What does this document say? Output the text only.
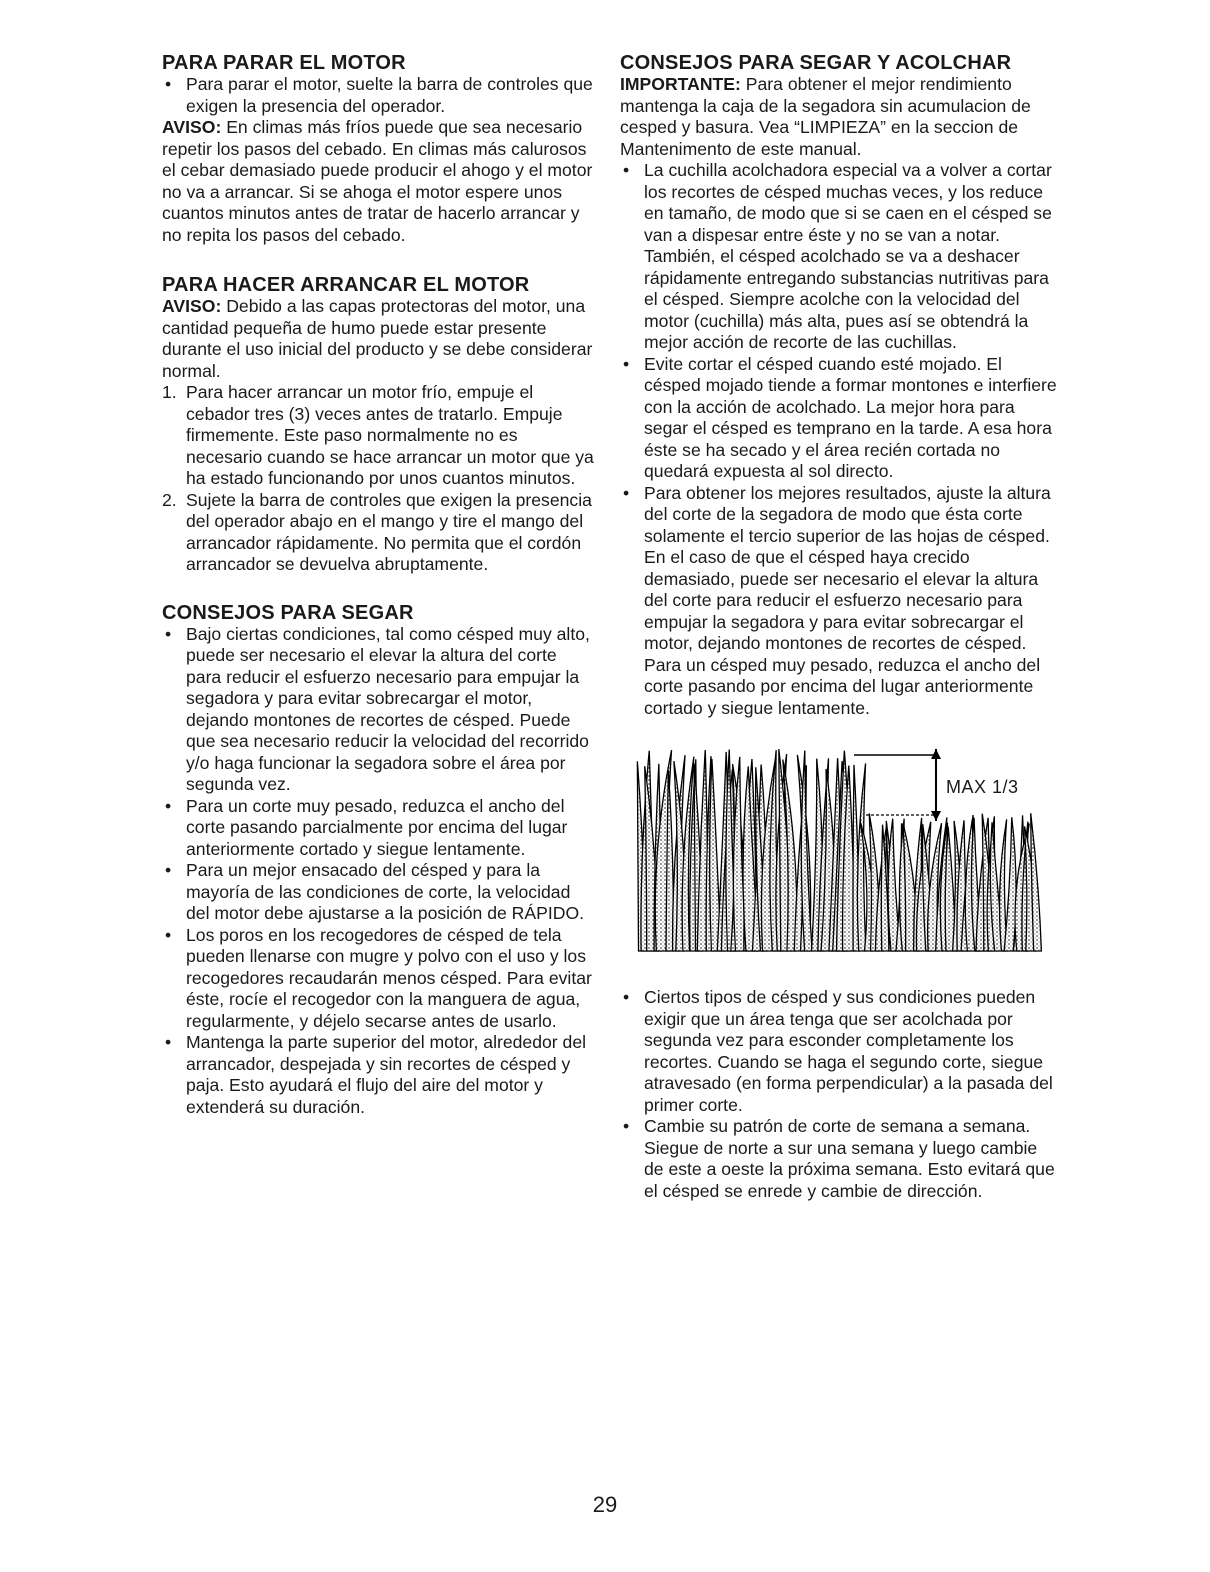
PARA PARAR EL MOTOR
• Para parar el motor, suelte la barra de controles que exigen la presencia del operador.

AVISO: En climas más fríos puede que sea necesario repetir los pasos del cebado. En climas más calurosos el cebar demasiado puede producir el ahogo y el motor no va a arrancar. Si se ahoga el motor espere unos cuantos minutos antes de tratar de hacerlo arrancar y no repita los pasos del cebado.

PARA HACER ARRANCAR EL MOTOR

AVISO: Debido a las capas protectoras del motor, una cantidad pequeña de humo puede estar presente durante el uso inicial del producto y se debe considerar normal.

1. Para hacer arrancar un motor frío, empuje el cebador tres (3) veces antes de tratarlo. Empuje firmemente. Este paso normalmente no es necesario cuando se hace arrancar un motor que ya ha estado funcionando por unos cuantos minutos.
2. Sujete la barra de controles que exigen la presencia del operador abajo en el mango y tire el mango del arrancador rápidamente. No permita que el cordón arrancador se devuelva abruptamente.
CONSEJOS PARA SEGAR
• Bajo ciertas condiciones, tal como césped muy alto, puede ser necesario el elevar la altura del corte para reducir el esfuerzo necesario para empujar la segadora y para evitar sobrecargar el motor, dejando montones de recortes de césped. Puede que sea necesario reducir la velocidad del recorrido y/o haga funcionar la segadora sobre el área por segunda vez.
• Para un corte muy pesado, reduzca el ancho del corte pasando parcialmente por encima del lugar anteriormente cortado y siegue lentamente.
• Para un mejor ensacado del césped y para la mayoría de las condiciones de corte, la velocidad del motor debe ajustarse a la posición de RÁPIDO.
• Los poros en los recogedores de césped de tela pueden llenarse con mugre y polvo con el uso y los recogedores recaudarán menos césped. Para evitar éste, rocíe el recogedor con la manguera de agua, regularmente, y déjelo secarse antes de usarlo.
• Mantenga la parte superior del motor, alrededor del arrancador, despejada y sin recortes de césped y paja. Esto ayudará el flujo del aire del motor y extenderá su duración.
CONSEJOS PARA SEGAR Y ACOLCHAR

IMPORTANTE: Para obtener el mejor rendimiento mantenga la caja de la segadora sin acumulacion de cesped y basura. Vea “LIMPIEZA” en la seccion de Mantenimento de este manual.

• La cuchilla acolchadora especial va a volver a cortar los recortes de césped muchas veces, y los reduce en tamaño, de modo que si se caen en el césped se van a dispesar entre éste y no se van a notar. También, el césped acolchado se va a deshacer rápidamente entregando substancias nutritivas para el césped. Siempre acolche con la velocidad del motor (cuchilla) más alta, pues así se obtendrá la mejor acción de recorte de las cuchillas.
• Evite cortar el césped cuando esté mojado. El césped mojado tiende a formar montones e interfiere con la acción de acolchado. La mejor hora para segar el césped es temprano en la tarde. A esa hora éste se ha secado y el área recién cortada no quedará expuesta al sol directo.
• Para obtener los mejores resultados, ajuste la altura del corte de la segadora de modo que ésta corte solamente el tercio superior de las hojas de césped. En el caso de que el césped haya crecido demasiado, puede ser necesario el elevar la altura del corte para reducir el esfuerzo necesario para empujar la segadora y para evitar sobrecargar el motor, dejando montones de recortes de césped. Para un césped muy pesado, reduzca el ancho del corte pasando por encima del lugar anteriormente cortado y siegue lentamente.
MAX 1/3
• Ciertos tipos de césped y sus condiciones pueden exigir que un área tenga que ser acolchada por segunda vez para esconder completamente los recortes. Cuando se haga el segundo corte, siegue atravesado (en forma perpendicular) a la pasada del primer corte.
• Cambie su patrón de corte de semana a semana. Siegue de norte a sur una semana y luego cambie de este a oeste la próxima semana. Esto evitará que el césped se enrede y cambie de dirección.
29
